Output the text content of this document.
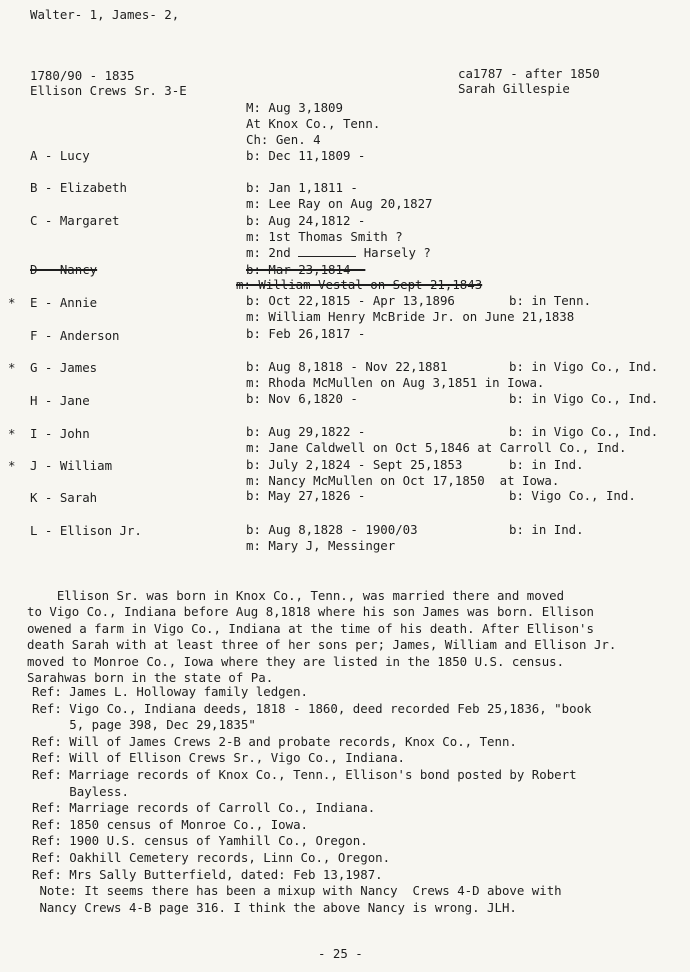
Walter- 1, James- 2,
1780/90 - 1835
Ellison Crews Sr. 3-E
ca1787 - after 1850
Sarah Gillespie
M: Aug 3,1809
At Knox Co., Tenn.
Ch: Gen. 4
A - Lucy	b: Dec 11,1809 -
B - Elizabeth	b: Jan 1,1811 -
m: Lee Ray on Aug 20,1827
C - Margaret	b: Aug 24,1812 -
m: 1st Thomas Smith ?
m: 2nd	Harsely ?
D - Nancy	b: Mar 23,1814 -
m: William Vestal on Sept 21,1843
* E - Annie	b: Oct 22,1815 - Apr 13,1896	b: in Tenn.
m: William Henry McBride Jr. on June 21,1838
F - Anderson	b: Feb 26,1817 -
* G - James	b: Aug 8,1818 - Nov 22,1881	b: in Vigo Co., Ind.
m: Rhoda McMullen on Aug 3,1851 in Iowa.
H - Jane	b: Nov 6,1820 -	b: in Vigo Co., Ind.
* I - John	b: Aug 29,1822 -	b: in Vigo Co., Ind.
m: Jane Caldwell on Oct 5,1846 at Carroll Co., Ind.
* J - William	b: July 2,1824 - Sept 25,1853	b: in Ind.
m: Nancy McMullen on Oct 17,1850  at Iowa.
K - Sarah	b: May 27,1826 -	b: Vigo Co., Ind.
L - Ellison Jr.	b: Aug 8,1828 - 1900/03	b: in Ind.
m: Mary J, Messinger

Ellison Sr. was born in Knox Co., Tenn., was married there and moved
to Vigo Co., Indiana before Aug 8,1818 where his son James was born. Ellison
owened a farm in Vigo Co., Indiana at the time of his death. After Ellison's
death Sarah with at least three of her sons per; James, William and Ellison Jr.
moved to Monroe Co., Iowa where they are listed in the 1850 U.S. census.
Sarahwas born in the state of Pa.

Ref: James L. Holloway family ledgen.
Ref: Vigo Co., Indiana deeds, 1818 - 1860, deed recorded Feb 25,1836, "book
5, page 398, Dec 29,1835"
Ref: Will of James Crews 2-B and probate records, Knox Co., Tenn.
Ref: Will of Ellison Crews Sr., Vigo Co., Indiana.
Ref: Marriage records of Knox Co., Tenn., Ellison's bond posted by Robert
Bayless.
Ref: Marriage records of Carroll Co., Indiana.
Ref: 1850 census of Monroe Co., Iowa.
Ref: 1900 U.S. census of Yamhill Co., Oregon.
Ref: Oakhill Cemetery records, Linn Co., Oregon.
Ref: Mrs Sally Butterfield, dated: Feb 13,1987.
Note: It seems there has been a mixup with Nancy  Crews 4-D above with
Nancy Crews 4-B page 316. I think the above Nancy is wrong. JLH.
- 25 -
